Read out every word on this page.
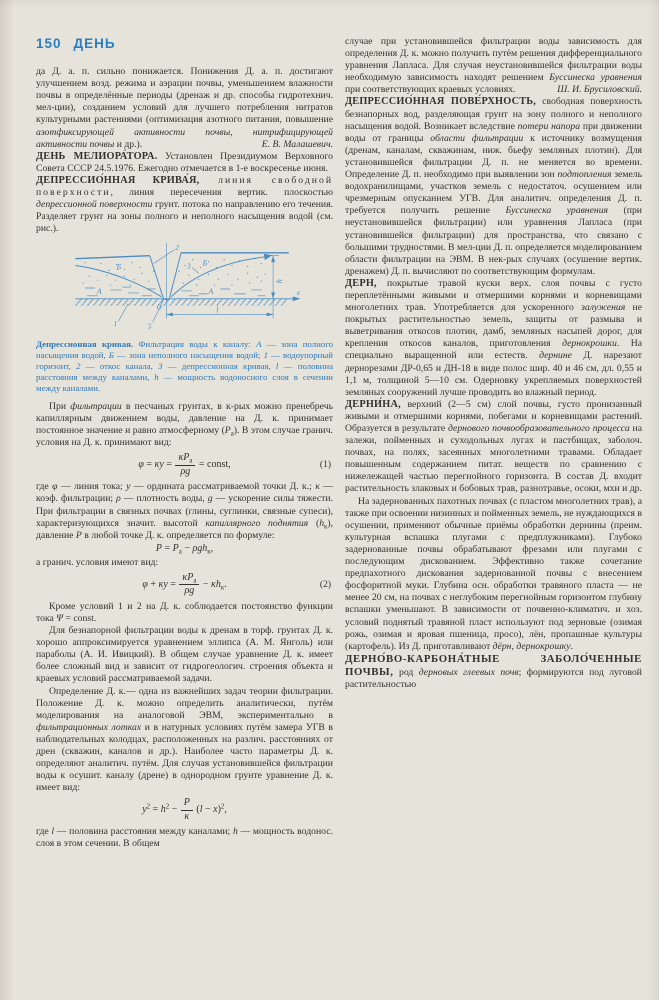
150 ДЕНЬ

да Д. а. п. сильно понижается. Понижения Д. а. п. достигают улучшением возд. режима и аэрации почвы, уменьшением влажности почвы в определённые периоды (дренаж и др. способы гидротехнич. мел-ции), созданием условий для лучшего потребления нитратов культурными растениями (оптимизация азотного питания, повышение азотфиксирующей активности почвы, нитрифицирующей активности почвы и др.).	Е. В. Малашевич.

ДЕНЬ МЕЛИОРА́ТОРА. Установлен Президиумом Верховного Совета СССР 24.5.1976. Ежегодно отмечается в 1-е воскресенье июня.

ДЕПРЕССИО́ННАЯ КРИВА́Я, линия свободной поверхности, линия пересечения вертик. плоскостью депрессионной поверхности грунт. потока по направлению его течения. Разделяет грунт на зоны полного и неполного насыщения водой (см. рис.).

Б
А
Б
А
3
2
1	2
О	l
h
x

Депрессионная кривая. Фильтрация воды к каналу: А — зона полного насыщения водой, Б — зона неполного насыщения водой; 1 — водоупорный горизонт, 2 — откос канала, 3 — депрессионная кривая, l — половина расстояния между каналами, h — мощность водоносного слоя в сечении между каналами.

При фильтрации в песчаных грунтах, в к-рых можно пренебречь капиллярным движением воды, давление на Д. к. принимает постоянное значение и равно атмосферному $(P_а)$. В этом случае гранич. условия на Д. к. принимают вид:

$\varphi = \kappa y = \frac{\kappa P_а}{\rho g}$ = const,	(1)

где φ — линия тока; y — ордината рассматриваемой точки Д. к.; κ — коэф. фильтрации; ρ — плотность воды, g — ускорение силы тяжести. При фильтрации в связных почвах (глины, суглинки, связные супеси), характеризующихся значит. высотой капиллярного поднятия $(h_к)$, давление P в любой точке Д. к. определяется по формуле:

$P = P_а - \rho gh_к$,

а гранич. условия имеют вид:

$\varphi + \kappa y = \frac{\kappa P_а}{\rho g} - \kappa h_к$.	(2)

Кроме условий 1 и 2 на Д. к. соблюдается постоянство функции тока Ψ = const.

Для безнапорной фильтрации воды к дренам в торф. грунтах Д. к. хорошо аппроксимируется уравнением эллипса (А. М. Янголь) или параболы (А. И. Ивицкий). В общем случае уравнение Д. к. имеет более сложный вид и зависит от гидрогеологич. строения объекта и краевых условий рассматриваемой задачи.

Определение Д. к.— одна из важнейших задач теории фильтрации. Положение Д. к. можно определить аналитически, путём моделирования на аналоговой ЭВМ, экспериментально в фильтрационных лотках и в натурных условиях путём замера УГВ в наблюдательных колодцах, расположенных на различ. расстояниях от дрен (скважин, каналов и др.). Наиболее часто параметры Д. к. определяют аналитич. путём. Для случая установившейся фильтрации воды к осушит. каналу (дрене) в однородном грунте уравнение Д. к. имеет вид:

$y^2 = h^2 - \frac{P}{\kappa} (l - x)^2$,

где l — половина расстояния между каналами; h — мощность водонос. слоя в этом сечении. В общем

случае при установившейся фильтрации воды зависимость для определения Д. к. можно получить путём решения дифференциального уравнения Лапласа. Для случая неустановившейся фильтрации воды необходимую зависимость находят решением Буссинеска уравнения при соответствующих краевых условиях.	Ш. И. Брусиловский.

ДЕПРЕССИО́ННАЯ ПОВЕ́РХНОСТЬ, свободная поверхность безнапорных вод, разделяющая грунт на зону полного и неполного насыщения водой. Возникает вследствие потери напора при движении воды от границы области фильтрации к источнику возмущения (дренам, каналам, скважинам, ниж. бьефу земляных плотин). Для установившейся фильтрации Д. п. не меняется во времени. Определение Д. п. необходимо при выявлении зон подтопления земель водохранилищами, участков земель с недостаточ. осушением или чрезмерным опусканием УГВ. Для аналитич. определения Д. п. требуется получить решение Буссинеска уравнения (при неустановившейся фильтрации) или уравнения Лапласа (при установившейся фильтрации) для пространства, что связано с большими трудностями. В мел-ции Д. п. определяется моделированием области фильтрации на ЭВМ. В нек-рых случаях (осушение вертик. дренажем) Д. п. вычисляют по соответствующим формулам.

ДЕРН, покрытые травой куски верх. слоя почвы с густо переплетёнными живыми и отмершими корнями и корневищами многолетних трав. Употребляется для ускоренного залужения не покрытых растительностью земель, защиты от размыва и выветривания откосов плотин, дамб, земляных насыпей дорог, для крепления откосов каналов, приготовления дернокрошки. На специально выращенной или естеств. дернине Д. нарезают дернорезами ДР-0,65 и ДН-18 в виде полос шир. 40 и 46 см, дл. 0,55 и 1,1 м, толщиной 5—10 см. Одерновку укрепляемых поверхностей земляных сооружений лучше проводить во влажный период.

ДЕРНИ́НА, верхний (2—5 см) слой почвы, густо пронизанный живыми и отмершими корнями, побегами и корневищами растений. Образуется в результате дернового почвообразовательного процесса на залежи, пойменных и суходольных лугах и пастбищах, заболоч. почвах, на полях, засеянных многолетними травами. Обладает повышенным содержанием питат. веществ по сравнению с нижележащей частью перегнойного горизонта. В состав Д. входит растительность злаковых и бобовых трав, разнотравье, осоки, мхи и др.

На задернованных пахотных почвах (с пластом многолетних трав), а также при освоении низинных и пойменных земель, не нуждающихся в осушении, применяют обычные приёмы обработки дернины (преим. культурная вспашка плугами с предплужниками). Глубоко задернованные почвы обрабатывают фрезами или плугами с последующим дискованием. Эффективно также сочетание предпахотного дискования задернованной почвы с внесением фосфоритной муки. Глубина осн. обработки травяного пласта — не менее 20 см, на почвах с неглубоким перегнойным горизонтом глубину вспашки уменьшают. В зависимости от почвенно-климатич. и хоз. условий поднятый травяной пласт используют под зерновые (озимая рожь, озимая и яровая пшеница, просо), лён, пропашные культуры (картофель). Из Д. приготавливают дёрн, дернокрошку.

ДЕРНО́ВО-КАРБОНА́ТНЫЕ ЗАБОЛО́ЧЕННЫЕ ПОЧВЫ, род дерновых глеевых почв; формируются под луговой растительностью
